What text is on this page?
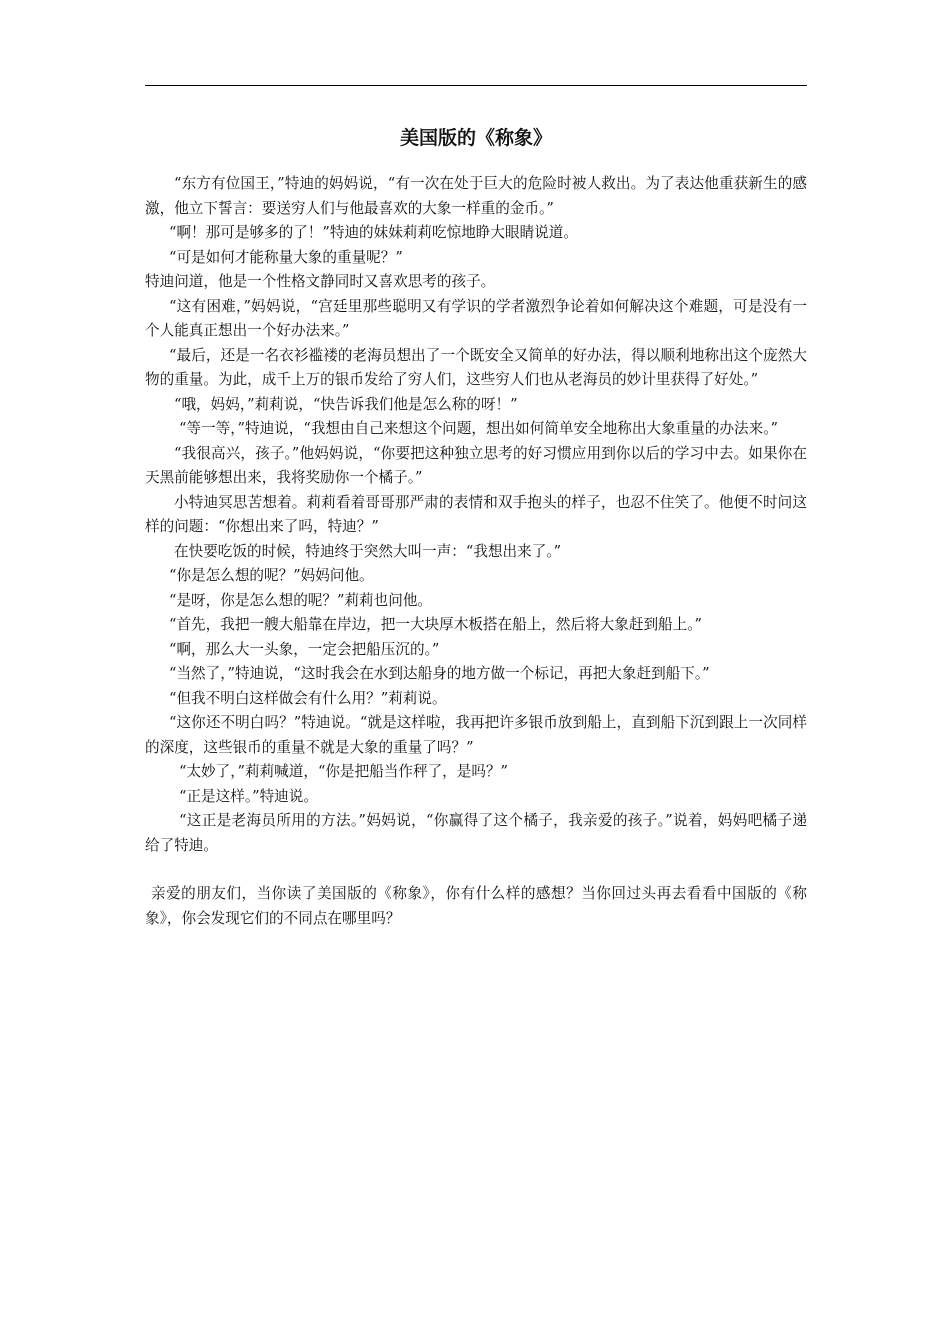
美国版的《称象》

“东方有位国王，”特迪的妈妈说，“有一次在处于巨大的危险时被人救出。为了表达他重获新生的感激，他立下誓言：要送穷人们与他最喜欢的大象一样重的金币。”

“啊！那可是够多的了！”特迪的妹妹莉莉吃惊地睁大眼睛说道。

“可是如何才能称量大象的重量呢？”

特迪问道，他是一个性格文静同时又喜欢思考的孩子。

“这有困难，”妈妈说，“宫廷里那些聪明又有学识的学者激烈争论着如何解决这个难题，可是没有一个人能真正想出一个好办法来。”

“最后，还是一名衣衫褴褛的老海员想出了一个既安全又简单的好办法，得以顺利地称出这个庞然大物的重量。为此，成千上万的银币发给了穷人们，这些穷人们也从老海员的妙计里获得了好处。”

“哦，妈妈，”莉莉说，“快告诉我们他是怎么称的呀！”

“等一等，”特迪说，“我想由自己来想这个问题，想出如何简单安全地称出大象重量的办法来。”

“我很高兴，孩子。”他妈妈说，“你要把这种独立思考的好习惯应用到你以后的学习中去。如果你在天黑前能够想出来，我将奖励你一个橘子。”

小特迪冥思苦想着。莉莉看着哥哥那严肃的表情和双手抱头的样子，也忍不住笑了。他便不时问这样的问题：“你想出来了吗，特迪？”

在快要吃饭的时候，特迪终于突然大叫一声：“我想出来了。”

“你是怎么想的呢？”妈妈问他。

“是呀，你是怎么想的呢？”莉莉也问他。

“首先，我把一艘大船靠在岸边，把一大块厚木板搭在船上，然后将大象赶到船上。”

“啊，那么大一头象，一定会把船压沉的。”

“当然了，”特迪说，“这时我会在水到达船身的地方做一个标记，再把大象赶到船下。”

“但我不明白这样做会有什么用？”莉莉说。

“这你还不明白吗？”特迪说。“就是这样啦，我再把许多银币放到船上，直到船下沉到跟上一次同样的深度，这些银币的重量不就是大象的重量了吗？”

“太妙了，”莉莉喊道，“你是把船当作秤了，是吗？”

“正是这样。”特迪说。

“这正是老海员所用的方法。”妈妈说，“你赢得了这个橘子，我亲爱的孩子。”说着，妈妈吧橘子递给了特迪。

亲爱的朋友们，当你读了美国版的《称象》，你有什么样的感想？当你回过头再去看看中国版的《称象》，你会发现它们的不同点在哪里吗？
